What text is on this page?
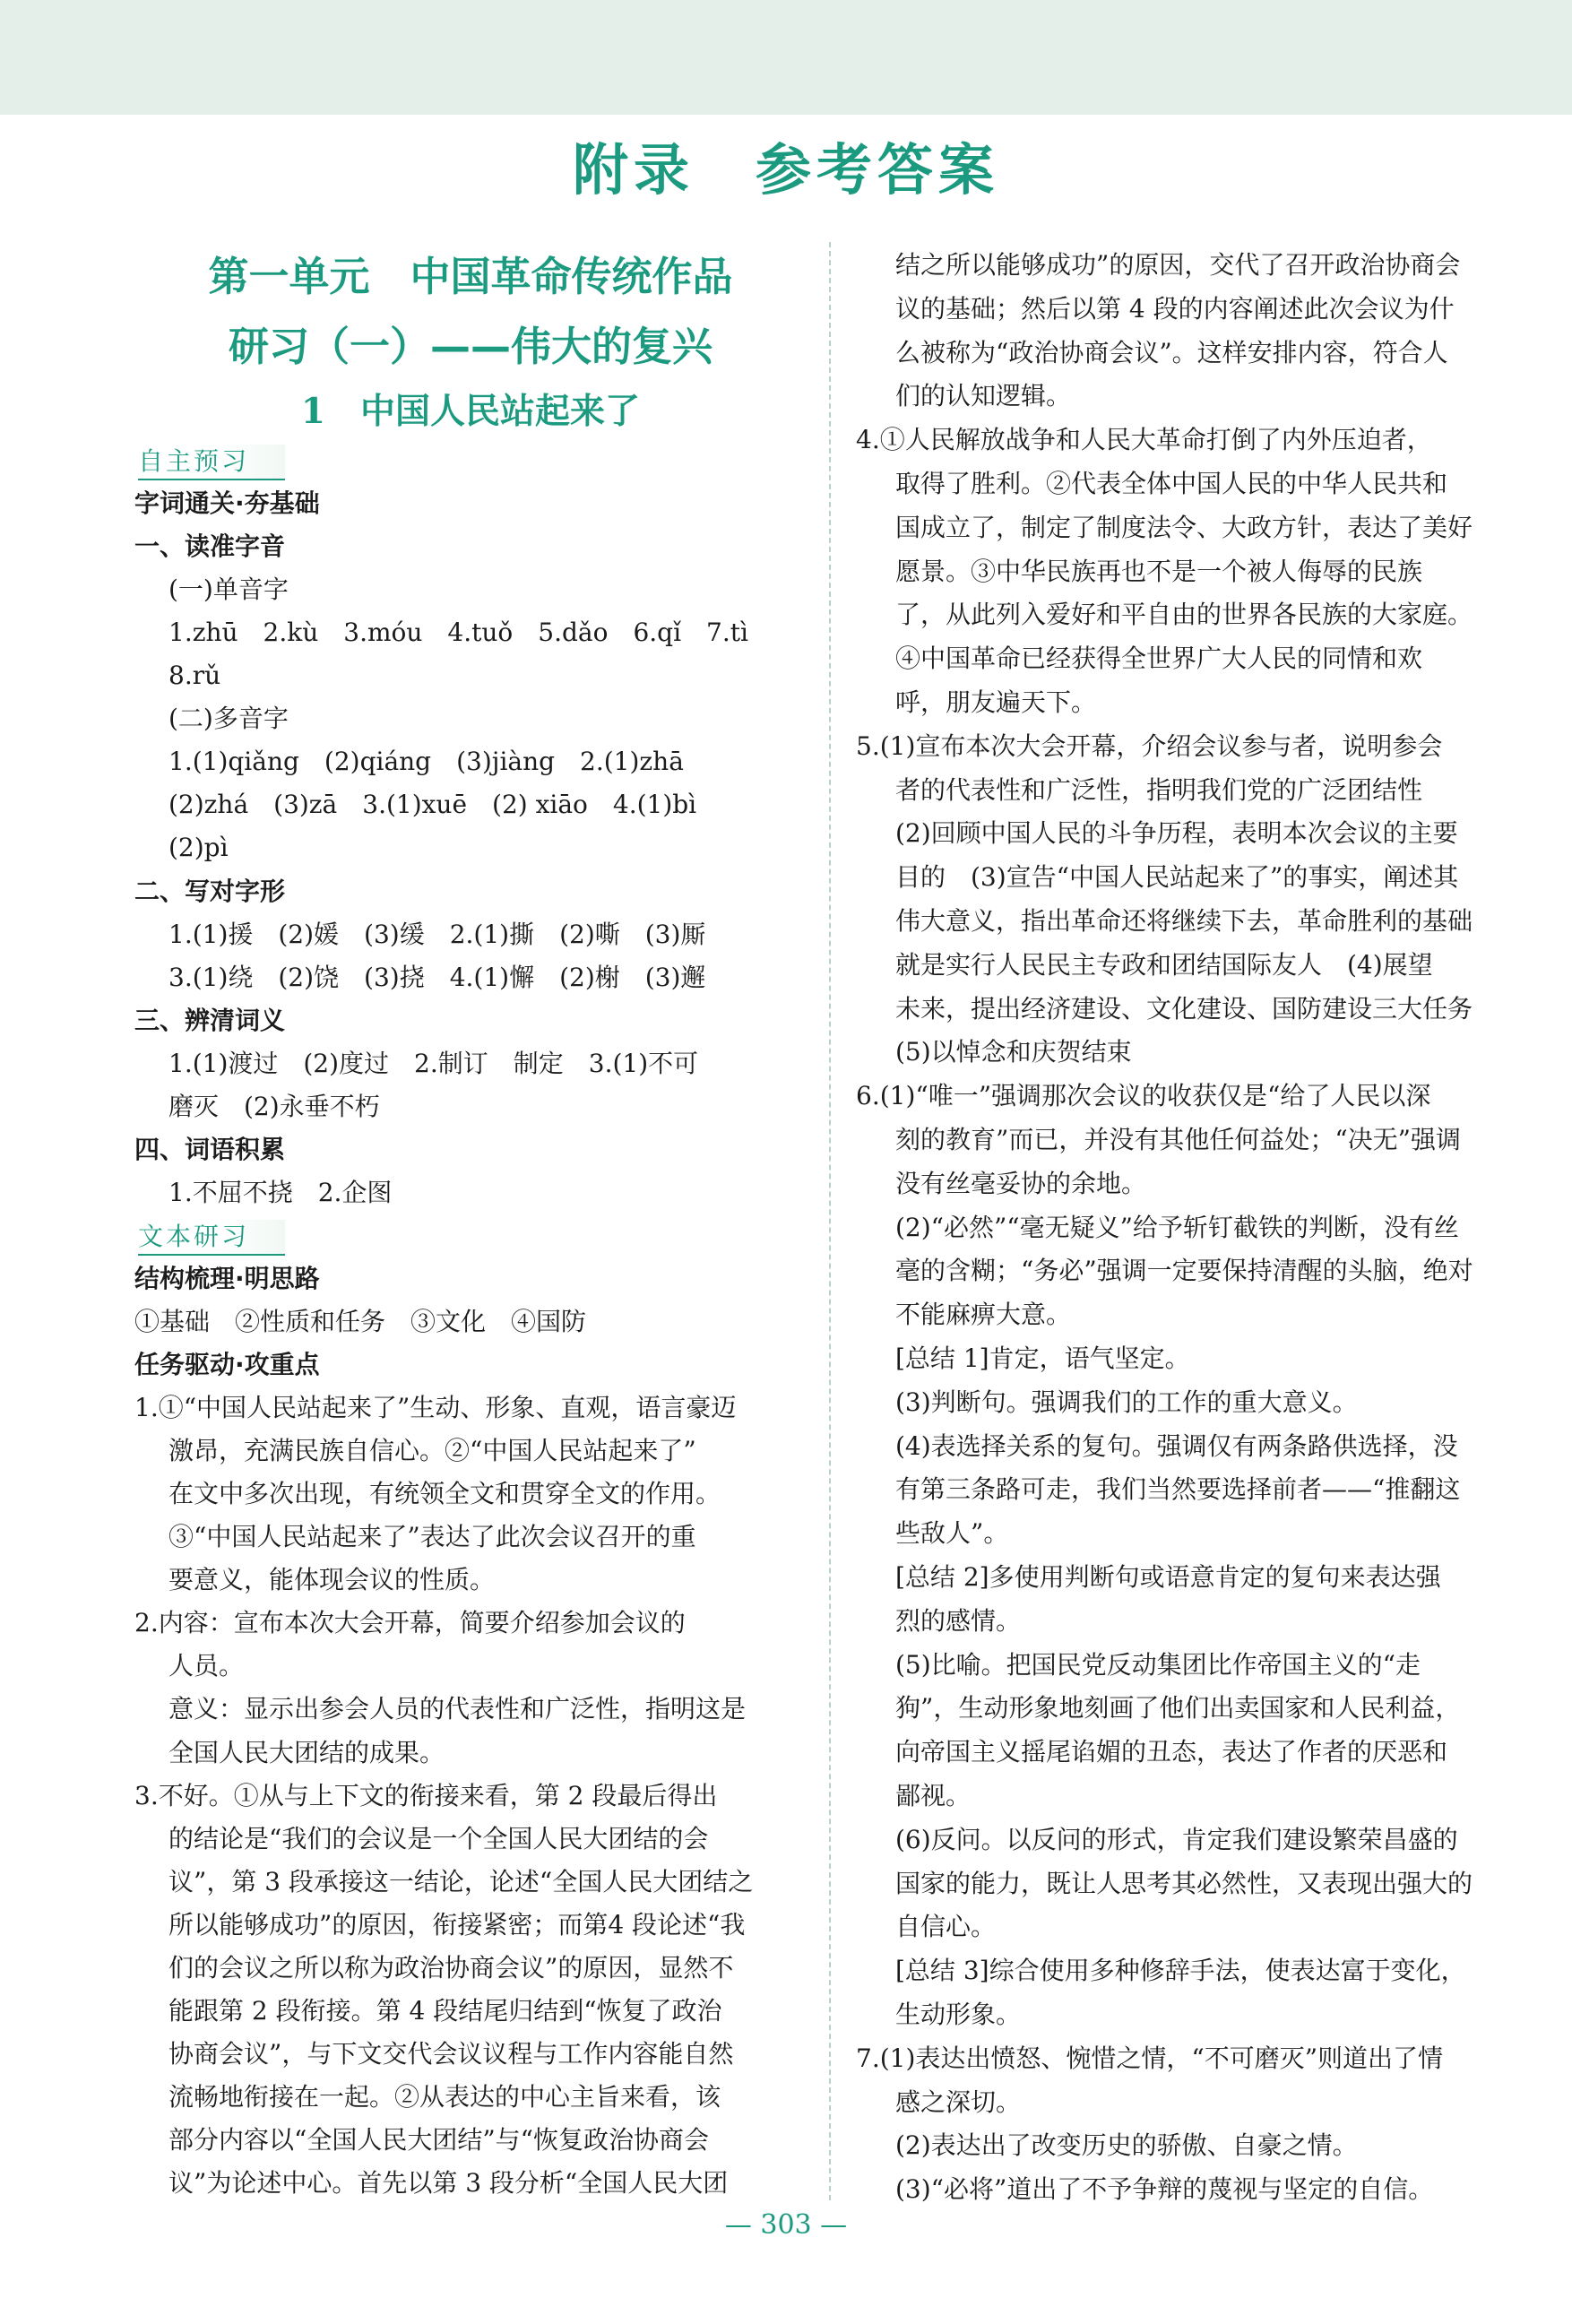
附录　参考答案
第一单元　中国革命传统作品
研习（一）——伟大的复兴
1　中国人民站起来了
自主预习
字词通关·夯基础
一、读准字音
(一)单音字
1.zhū　2.kù　3.móu　4.tuǒ　5.dǎo　6.qǐ　7.tì
8.rǔ
(二)多音字
1.(1)qiǎng　(2)qiáng　(3)jiàng　2.(1)zhā
(2)zhá　(3)zā　3.(1)xuē　(2) xiāo　4.(1)bì
(2)pì
二、写对字形
1.(1)援　(2)媛　(3)缓　2.(1)撕　(2)嘶　(3)厮
3.(1)绕　(2)饶　(3)挠　4.(1)懈　(2)榭　(3)邂
三、辨清词义
1.(1)渡过　(2)度过　2.制订　制定　3.(1)不可
磨灭　(2)永垂不朽
四、词语积累
1.不屈不挠　2.企图
文本研习
结构梳理·明思路
①基础　②性质和任务　③文化　④国防
任务驱动·攻重点
1.①“中国人民站起来了”生动、形象、直观，语言豪迈
激昂，充满民族自信心。②“中国人民站起来了”
在文中多次出现，有统领全文和贯穿全文的作用。
③“中国人民站起来了”表达了此次会议召开的重
要意义，能体现会议的性质。
2.内容：宣布本次大会开幕，简要介绍参加会议的
人员。
意义：显示出参会人员的代表性和广泛性，指明这是
全国人民大团结的成果。
3.不好。①从与上下文的衔接来看，第 2 段最后得出
的结论是“我们的会议是一个全国人民大团结的会
议”，第 3 段承接这一结论，论述“全国人民大团结之
所以能够成功”的原因，衔接紧密；而第4 段论述“我
们的会议之所以称为政治协商会议”的原因，显然不
能跟第 2 段衔接。第 4 段结尾归结到“恢复了政治
协商会议”，与下文交代会议议程与工作内容能自然
流畅地衔接在一起。②从表达的中心主旨来看，该
部分内容以“全国人民大团结”与“恢复政治协商会
议”为论述中心。首先以第 3 段分析“全国人民大团
结之所以能够成功”的原因，交代了召开政治协商会
议的基础；然后以第 4 段的内容阐述此次会议为什
么被称为“政治协商会议”。这样安排内容，符合人
们的认知逻辑。
4.①人民解放战争和人民大革命打倒了内外压迫者，
取得了胜利。②代表全体中国人民的中华人民共和
国成立了，制定了制度法令、大政方针，表达了美好
愿景。③中华民族再也不是一个被人侮辱的民族
了，从此列入爱好和平自由的世界各民族的大家庭。
④中国革命已经获得全世界广大人民的同情和欢
呼，朋友遍天下。
5.(1)宣布本次大会开幕，介绍会议参与者，说明参会
者的代表性和广泛性，指明我们党的广泛团结性
(2)回顾中国人民的斗争历程，表明本次会议的主要
目的　(3)宣告“中国人民站起来了”的事实，阐述其
伟大意义，指出革命还将继续下去，革命胜利的基础
就是实行人民民主专政和团结国际友人　(4)展望
未来，提出经济建设、文化建设、国防建设三大任务
(5)以悼念和庆贺结束
6.(1)“唯一”强调那次会议的收获仅是“给了人民以深
刻的教育”而已，并没有其他任何益处；“决无”强调
没有丝毫妥协的余地。
(2)“必然”“毫无疑义”给予斩钉截铁的判断，没有丝
毫的含糊；“务必”强调一定要保持清醒的头脑，绝对
不能麻痹大意。
[总结 1]肯定，语气坚定。
(3)判断句。强调我们的工作的重大意义。
(4)表选择关系的复句。强调仅有两条路供选择，没
有第三条路可走，我们当然要选择前者——“推翻这
些敌人”。
[总结 2]多使用判断句或语意肯定的复句来表达强
烈的感情。
(5)比喻。把国民党反动集团比作帝国主义的“走
狗”，生动形象地刻画了他们出卖国家和人民利益，
向帝国主义摇尾谄媚的丑态，表达了作者的厌恶和
鄙视。
(6)反问。以反问的形式，肯定我们建设繁荣昌盛的
国家的能力，既让人思考其必然性，又表现出强大的
自信心。
[总结 3]综合使用多种修辞手法，使表达富于变化，
生动形象。
7.(1)表达出愤怒、惋惜之情，“不可磨灭”则道出了情
感之深切。
(2)表达出了改变历史的骄傲、自豪之情。
(3)“必将”道出了不予争辩的蔑视与坚定的自信。
— 303 —
